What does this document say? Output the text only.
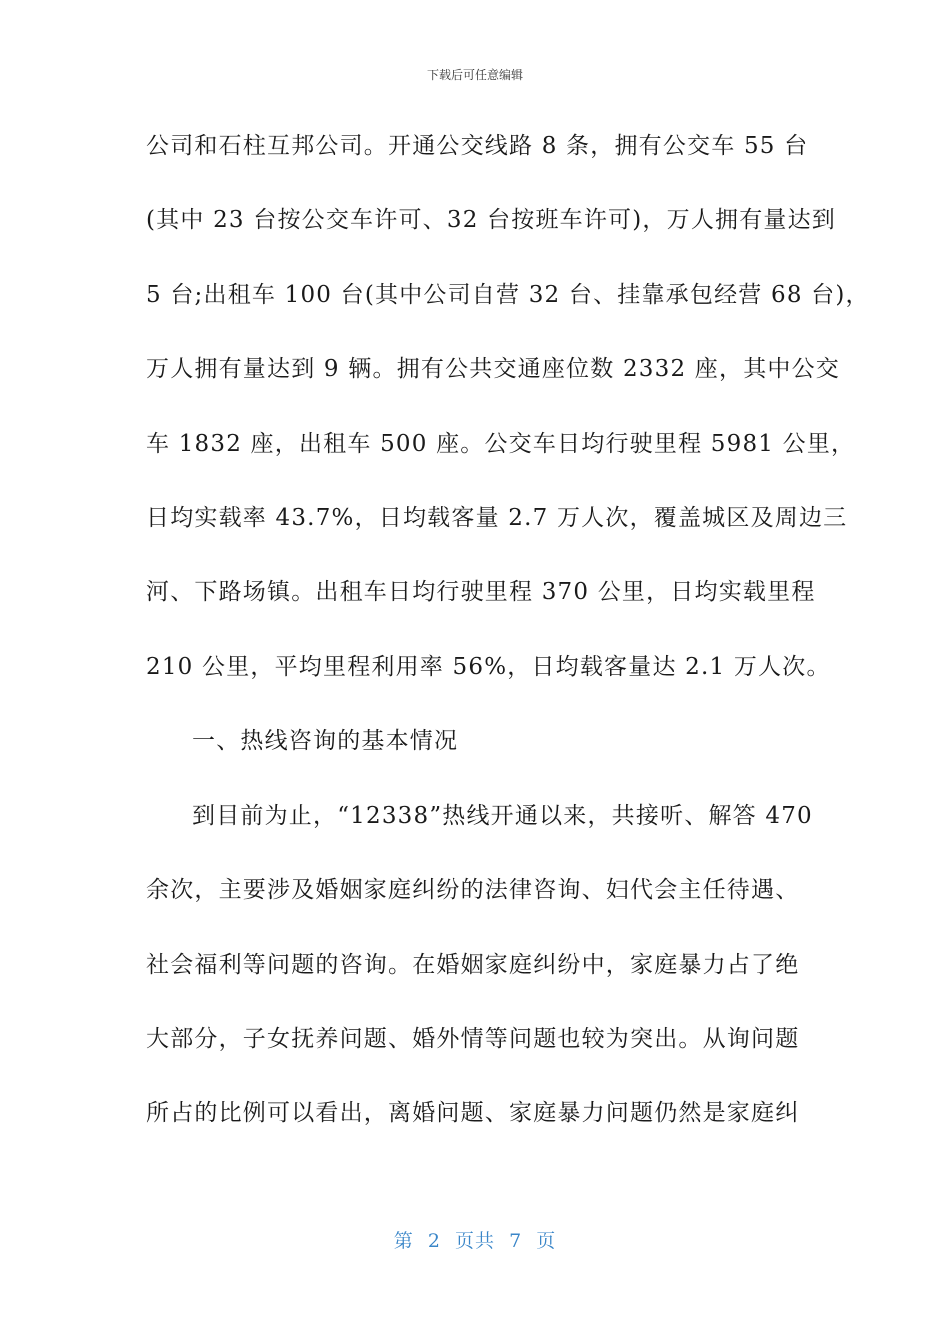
下载后可任意编辑
公司和石柱互邦公司。开通公交线路 8 条，拥有公交车 55 台
(其中 23 台按公交车许可、32 台按班车许可)，万人拥有量达到
5 台;出租车 100 台(其中公司自营 32 台、挂靠承包经营 68 台)，
万人拥有量达到 9 辆。拥有公共交通座位数 2332 座，其中公交
车 1832 座，出租车 500 座。公交车日均行驶里程 5981 公里，
日均实载率 43.7%，日均载客量 2.7 万人次，覆盖城区及周边三
河、下路场镇。出租车日均行驶里程 370 公里，日均实载里程
210 公里，平均里程利用率 56%，日均载客量达 2.1 万人次。
一、热线咨询的基本情况
到目前为止，“12338”热线开通以来，共接听、解答 470
余次，主要涉及婚姻家庭纠纷的法律咨询、妇代会主任待遇、
社会福利等问题的咨询。在婚姻家庭纠纷中，家庭暴力占了绝
大部分，子女抚养问题、婚外情等问题也较为突出。从询问题
所占的比例可以看出，离婚问题、家庭暴力问题仍然是家庭纠
第  2  页共  7  页
